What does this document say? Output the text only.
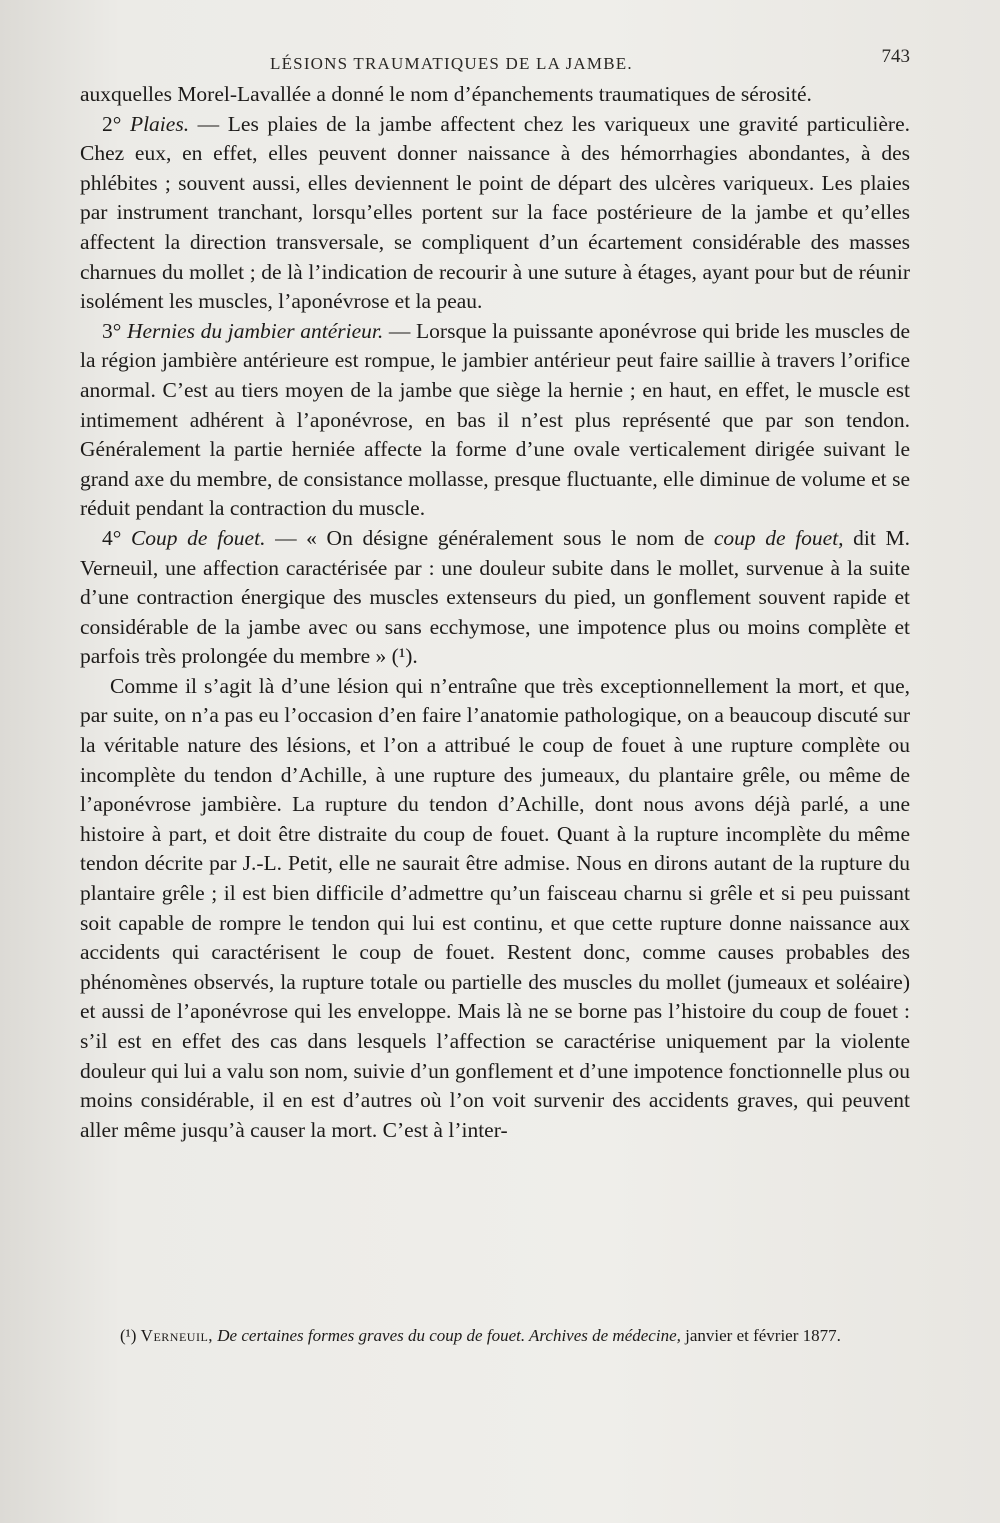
LÉSIONS TRAUMATIQUES DE LA JAMBE.	743

auxquelles Morel-Lavallée a donné le nom d’épanchements traumatiques de sérosité.

2° Plaies. — Les plaies de la jambe affectent chez les variqueux une gravité particulière. Chez eux, en effet, elles peuvent donner naissance à des hémorrhagies abondantes, à des phlébites ; souvent aussi, elles deviennent le point de départ des ulcères variqueux. Les plaies par instrument tranchant, lorsqu’elles portent sur la face postérieure de la jambe et qu’elles affectent la direction transversale, se compliquent d’un écartement considérable des masses charnues du mollet ; de là l’indication de recourir à une suture à étages, ayant pour but de réunir isolément les muscles, l’aponévrose et la peau.

3° Hernies du jambier antérieur. — Lorsque la puissante aponévrose qui bride les muscles de la région jambière antérieure est rompue, le jambier antérieur peut faire saillie à travers l’orifice anormal. C’est au tiers moyen de la jambe que siège la hernie ; en haut, en effet, le muscle est intimement adhérent à l’aponévrose, en bas il n’est plus représenté que par son tendon. Généralement la partie herniée affecte la forme d’une ovale verticalement dirigée suivant le grand axe du membre, de consistance mollasse, presque fluctuante, elle diminue de volume et se réduit pendant la contraction du muscle.

4° Coup de fouet. — « On désigne généralement sous le nom de coup de fouet, dit M. Verneuil, une affection caractérisée par : une douleur subite dans le mollet, survenue à la suite d’une contraction énergique des muscles extenseurs du pied, un gonflement souvent rapide et considérable de la jambe avec ou sans ecchymose, une impotence plus ou moins complète et parfois très prolongée du membre » (¹).

Comme il s’agit là d’une lésion qui n’entraîne que très exceptionnellement la mort, et que, par suite, on n’a pas eu l’occasion d’en faire l’anatomie pathologique, on a beaucoup discuté sur la véritable nature des lésions, et l’on a attribué le coup de fouet à une rupture complète ou incomplète du tendon d’Achille, à une rupture des jumeaux, du plantaire grêle, ou même de l’aponévrose jambière. La rupture du tendon d’Achille, dont nous avons déjà parlé, a une histoire à part, et doit être distraite du coup de fouet. Quant à la rupture incomplète du même tendon décrite par J.-L. Petit, elle ne saurait être admise. Nous en dirons autant de la rupture du plantaire grêle ; il est bien difficile d’admettre qu’un faisceau charnu si grêle et si peu puissant soit capable de rompre le tendon qui lui est continu, et que cette rupture donne naissance aux accidents qui caractérisent le coup de fouet. Restent donc, comme causes probables des phénomènes observés, la rupture totale ou partielle des muscles du mollet (jumeaux et soléaire) et aussi de l’aponévrose qui les enveloppe. Mais là ne se borne pas l’histoire du coup de fouet : s’il est en effet des cas dans lesquels l’affection se caractérise uniquement par la violente douleur qui lui a valu son nom, suivie d’un gonflement et d’une impotence fonctionnelle plus ou moins considérable, il en est d’autres où l’on voit survenir des accidents graves, qui peuvent aller même jusqu’à causer la mort. C’est à l’inter-

(¹) Verneuil, De certaines formes graves du coup de fouet. Archives de médecine, janvier et février 1877.
